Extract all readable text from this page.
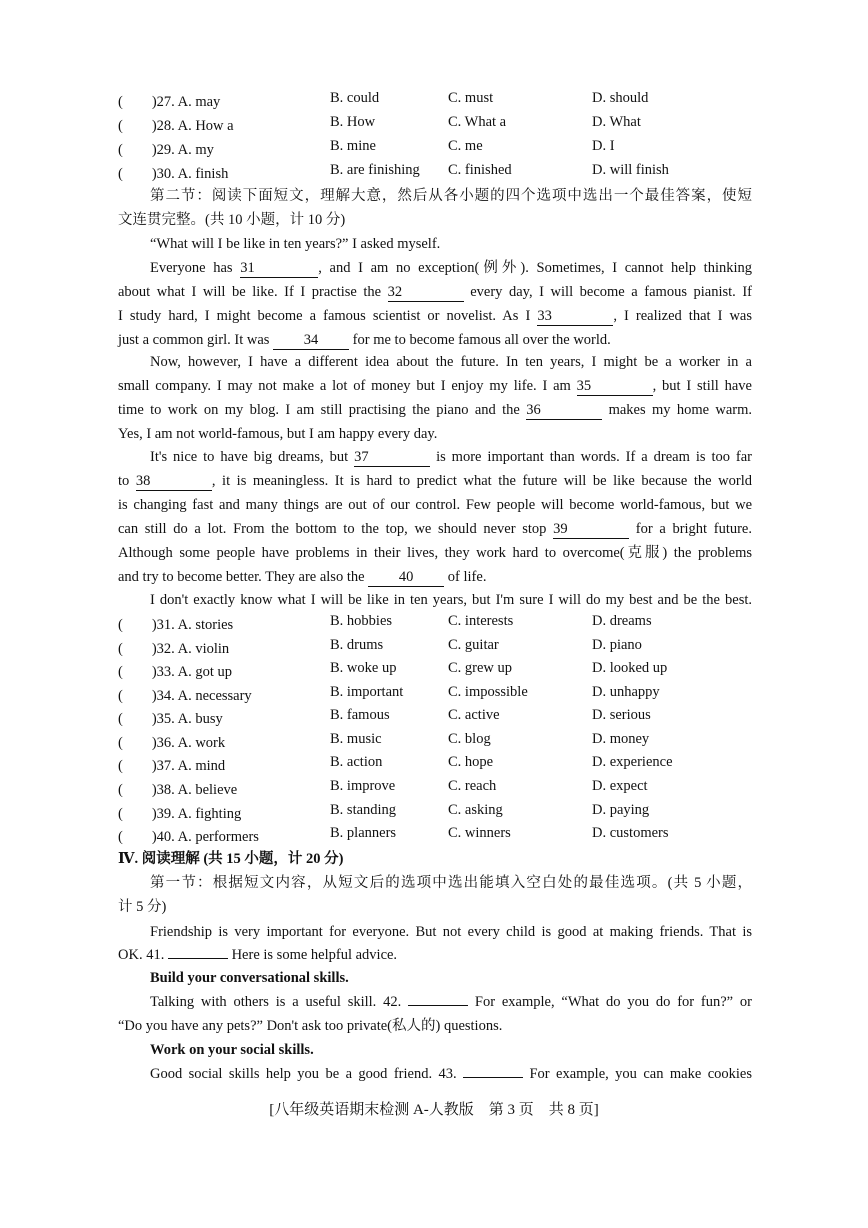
(　　)27. A. may	B. could	C. must	D. should
(　　)28. A. How a	B. How	C. What a	D. What
(　　)29. A. my	B. mine	C. me	D. I
(　　)30. A. finish	B. are finishing C. finished	D. will finish
第二节：阅读下面短文，理解大意，然后从各小题的四个选项中选出一个最佳答案，使短
文连贯完整。(共 10 小题，计 10 分)
“What will I be like in ten years?” I asked myself.
Everyone has 31	, and I am no exception(例外). Sometimes, I cannot help thinking
about what I will be like. If I practise the 32	every day, I will become a famous pianist. If
I study hard, I might become a famous scientist or novelist. As I 33	, I realized that I was
just a common girl. It was 34 for me to become famous all over the world.
Now, however, I have a different idea about the future. In ten years, I might be a worker in a
small company. I may not make a lot of money but I enjoy my life. I am 35	, but I still have
time to work on my blog. I am still practising the piano and the 36	makes my home warm.
Yes, I am not world-famous, but I am happy every day.
It's nice to have big dreams, but 37	is more important than words. If a dream is too far
to 38	, it is meaningless. It is hard to predict what the future will be like because the world
is changing fast and many things are out of our control. Few people will become world-famous, but we
can still do a lot. From the bottom to the top, we should never stop 39	for a bright future.
Although some people have problems in their lives, they work hard to overcome(克服) the problems
and try to become better. They are also the 40 of life.
I don't exactly know what I will be like in ten years, but I'm sure I will do my best and be the best.
(　　)31. A. stories	B. hobbies	C. interests	D. dreams
(　　)32. A. violin	B. drums	C. guitar	D. piano
(　　)33. A. got up	B. woke up	C. grew up	D. looked up
(　　)34. A. necessary	B. important	C. impossible	D. unhappy
(　　)35. A. busy	B. famous	C. active	D. serious
(　　)36. A. work	B. music	C. blog	D. money
(　　)37. A. mind	B. action	C. hope	D. experience
(　　)38. A. believe	B. improve	C. reach	D. expect
(　　)39. A. fighting	B. standing	C. asking	D. paying
(　　)40. A. performers	B. planners	C. winners	D. customers
Ⅳ. 阅读理解 (共 15 小题，计 20 分)
第一节：根据短文内容，从短文后的选项中选出能填入空白处的最佳选项。(共 5 小题，
计 5 分)
Friendship is very important for everyone. But not every child is good at making friends. That is
OK. 41.	Here is some helpful advice.
Build your conversational skills.
Talking with others is a useful skill. 42.	For example, “What do you do for fun?” or
“Do you have any pets?” Don't ask too private(私人的) questions.
Work on your social skills.
Good social skills help you be a good friend. 43.	For example, you can make cookies
[八年级英语期末检测 A-人教版　第 3 页　共 8 页]
